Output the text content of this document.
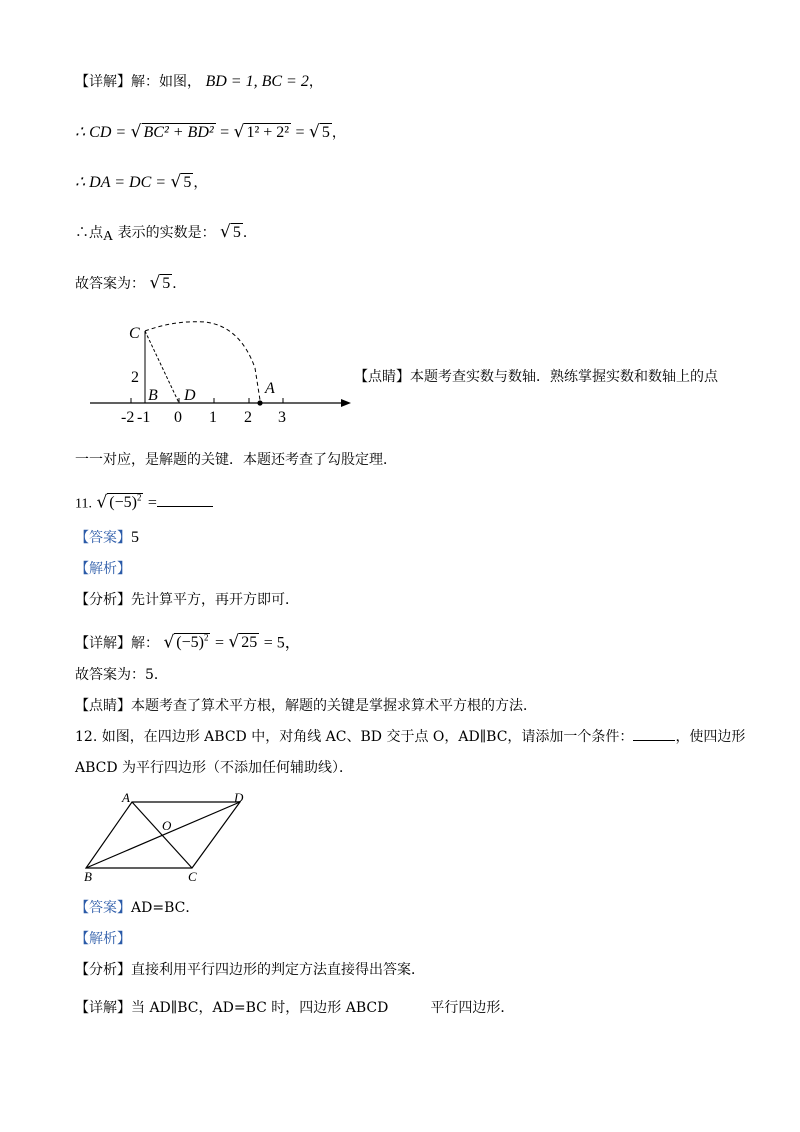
【详解】解：如图， BD = 1, BC = 2，
∴ CD = √ BC² + BD² = √ 1² + 2² = √ 5 ，
∴ DA = DC = √ 5 ，
∴点A 表示的实数是： √ 5 ．
故答案为： √ 5 ．
C
B D	A
2
-2 -1 0 1 2 3
【点睛】本题考查实数与数轴．熟练掌握实数和数轴上的点
一一对应，是解题的关键．本题还考查了勾股定理．
11. √ $(-5)^2$ =
【答案】5
【解析】
【分析】先计算平方，再开方即可．
【详解】解： √ $(-5)^2$ = √ 25 = 5，
故答案为：5．
【点睛】本题考查了算术平方根，解题的关键是掌握求算术平方根的方法．
12. 如图，在四边形 ABCD 中，对角线 AC、BD 交于点 O，AD∥BC，请添加一个条件：	，使四边形
ABCD 为平行四边形（不添加任何辅助线）．
A	D
B	C
O
【答案】AD=BC．
【解析】
【分析】直接利用平行四边形的判定方法直接得出答案．
【详解】当 AD∥BC，AD=BC 时，四边形 ABCD	平行四边形．
